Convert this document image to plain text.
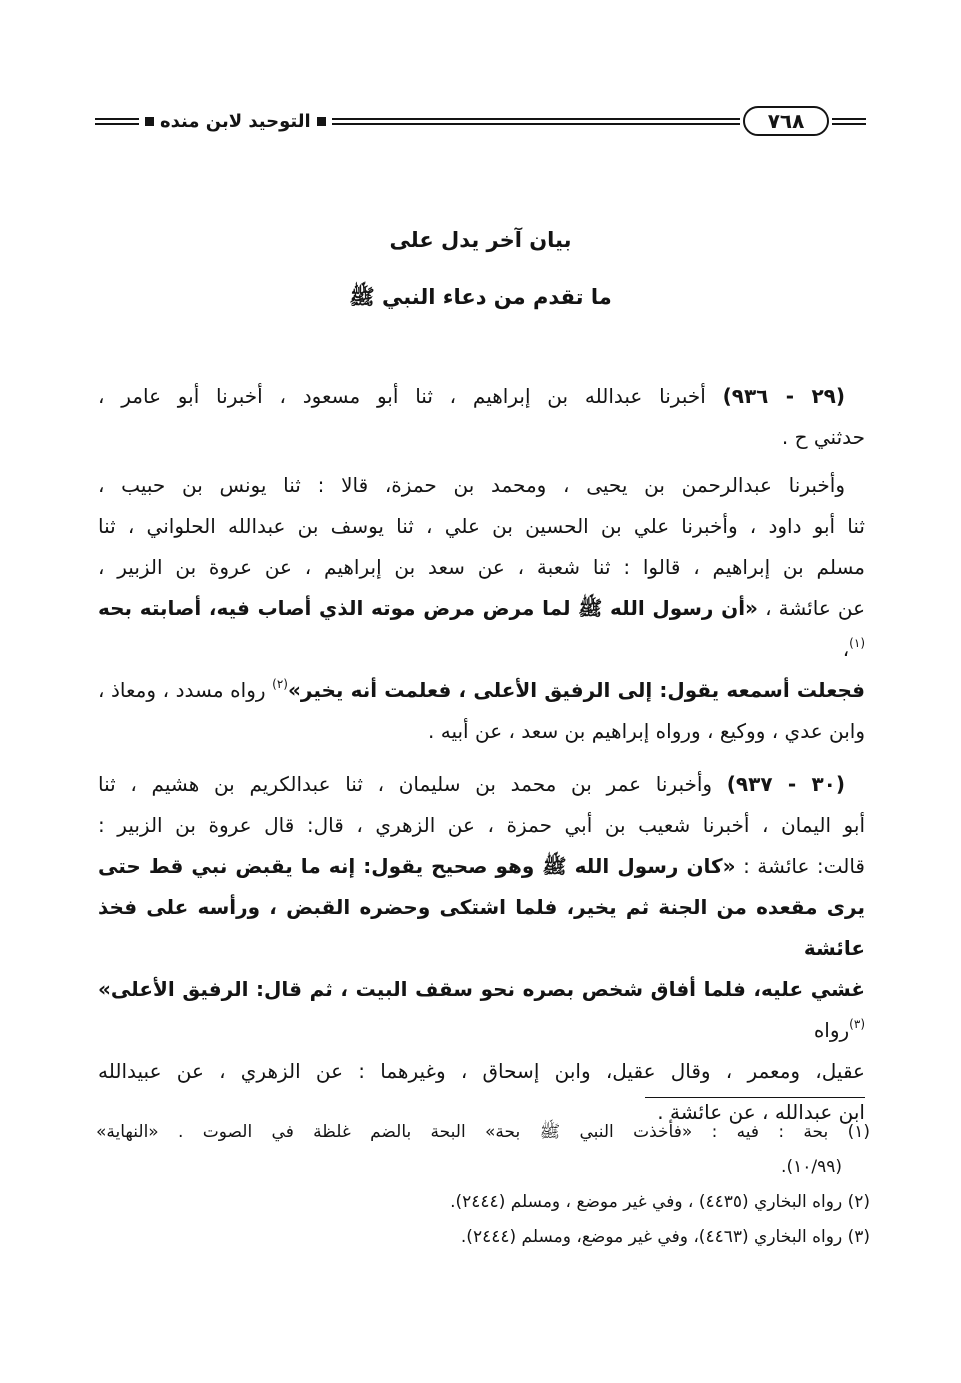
٧٦٨
التوحيد لابن منده
بيان آخر يدل على
ما تقدم من دعاء النبي ﷺ
(٢٩ - ٩٣٦) أخبرنا عبدالله بن إبراهيم ، ثنا أبو مسعود ، أخبرنا أبو عامر ،
حدثني ح .
وأخبرنا عبدالرحمن بن يحيى ، ومحمد بن حمزة، قالا : ثنا يونس بن حبيب ،
ثنا أبو داود ، وأخبرنا علي بن الحسين بن علي ، ثنا يوسف بن عبدالله الحلواني ، ثنا
مسلم بن إبراهيم ، قالوا : ثنا شعبة ، عن سعد بن إبراهيم ، عن عروة بن الزبير ،
عن عائشة ، «أن رسول الله ﷺ لما مرض مرض موته الذي أصاب فيه، أصابته بحه $^{(١)}$،
فجعلت أسمعه يقول: إلى الرفيق الأعلى ، فعلمت أنه يخير»$^{(٢)}$ رواه مسدد ، ومعاذ ،
وابن عدي ، ووكيع ، ورواه إبراهيم بن سعد ، عن أبيه .
(٣٠ - ٩٣٧) وأخبرنا عمر بن محمد بن سليمان ، ثنا عبدالكريم بن هشيم ، ثنا
أبو اليمان ، أخبرنا شعيب بن أبي حمزة ، عن الزهري ، قال: قال عروة بن الزبير :
قالت: عائشة : «كان رسول الله ﷺ وهو صحيح يقول: إنه ما يقبض نبي قط حتى
يرى مقعده من الجنة ثم يخير، فلما اشتكى وحضره القبض ، ورأسه على فخذ عائشة
غشي عليه، فلما أفاق شخص بصره نحو سقف البيت ، ثم قال: الرفيق الأعلى» $^{(٣)}$رواه
عقيل، ومعمر ، وقال عقيل، وابن إسحاق ، وغيرهما : عن الزهري ، عن عبيدالله
ابن عبدالله ، عن عائشة .
(١) بحة : فيه : «فأخذت النبي ﷺ بحة» البحة بالضم غلظة في الصوت . «النهاية»
(١٠/٩٩).
(٢) رواه البخاري (٤٤٣٥) ، وفي غير موضع ، ومسلم (٢٤٤٤).
(٣) رواه البخاري (٤٤٦٣)، وفي غير موضع، ومسلم (٢٤٤٤).
